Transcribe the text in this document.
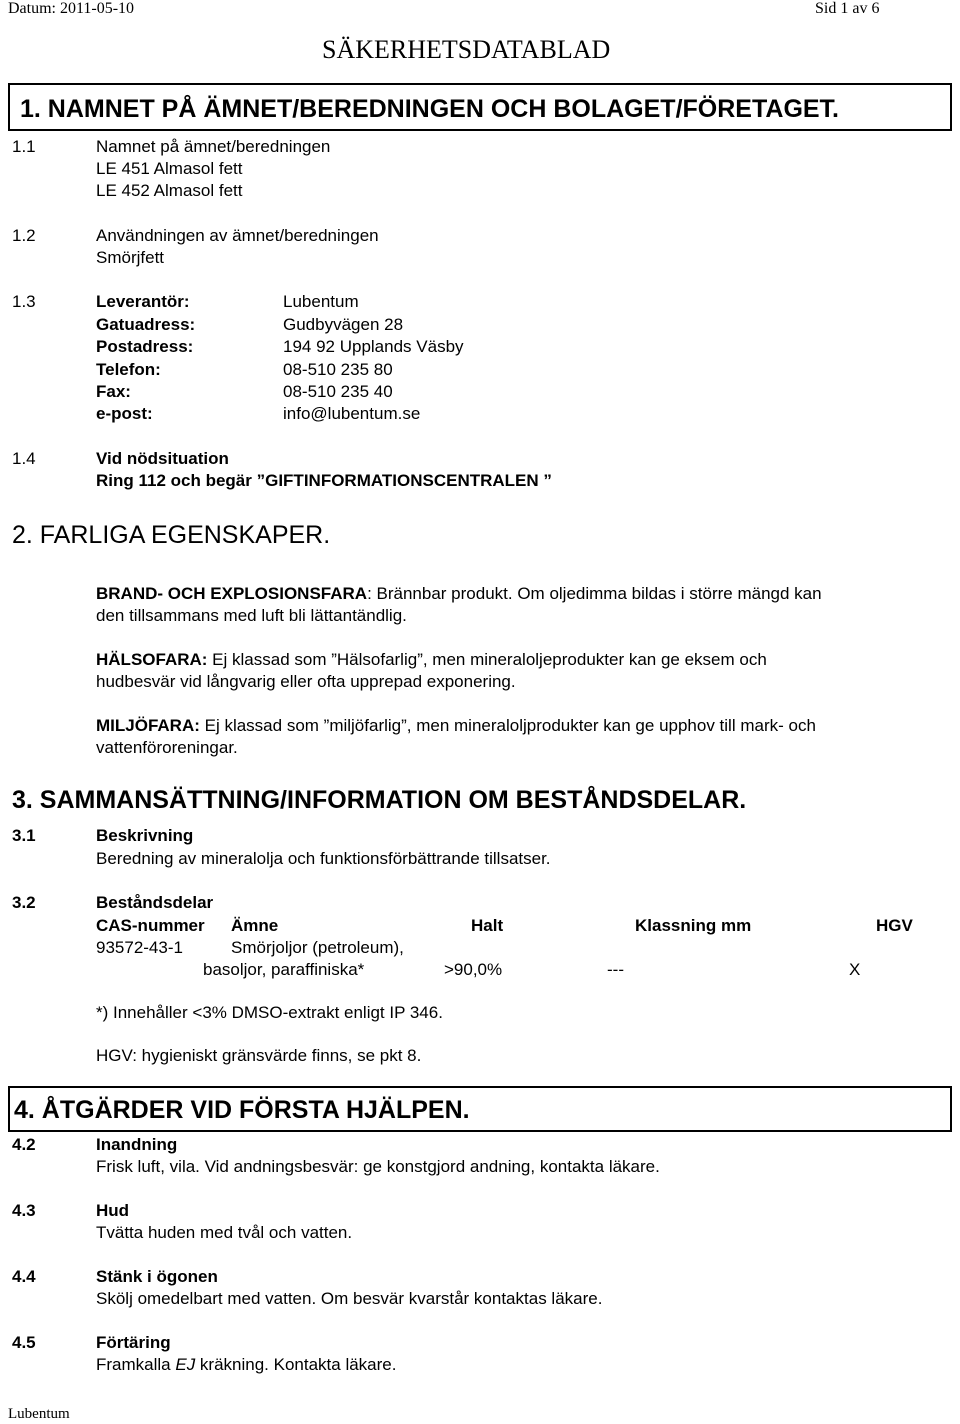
Datum: 2011-05-10	Sid 1 av 6
SÄKERHETSDATABLAD
1. NAMNET PÅ ÄMNET/BEREDNINGEN OCH BOLAGET/FÖRETAGET.
1.1	Namnet på ämnet/beredningen
LE 451 Almasol fett
LE 452 Almasol fett
1.2	Användningen av ämnet/beredningen
Smörjfett
1.3	Leverantör:	Lubentum
Gatuadress:	Gudbyvägen 28
Postadress:	194 92 Upplands Väsby
Telefon:	08-510 235 80
Fax:	08-510 235 40
e-post:	info@lubentum.se
1.4	Vid nödsituation
Ring 112 och begär ”GIFTINFORMATIONSCENTRALEN ”
2. FARLIGA EGENSKAPER.
BRAND- OCH EXPLOSIONSFARA: Brännbar produkt. Om oljedimma bildas i större mängd kan
den tillsammans med luft bli lättantändlig.
HÄLSOFARA: Ej klassad som ”Hälsofarlig”, men mineraloljeprodukter kan ge eksem och
hudbesvär vid långvarig eller ofta upprepad exponering.
MILJÖFARA: Ej klassad som ”miljöfarlig”, men mineraloljprodukter kan ge upphov till mark- och
vattenföroreningar.
3. SAMMANSÄTTNING/INFORMATION OM BESTÅNDSDELAR.
3.1	Beskrivning
Beredning av mineralolja och funktionsförbättrande tillsatser.
3.2	Beståndsdelar
CAS-nummer Ämne	Halt	Klassning mm	HGV
93572-43-1	Smörjoljor (petroleum),
basoljor, paraffiniska*	>90,0%	---	X
*) Innehåller <3% DMSO-extrakt enligt IP 346.
HGV: hygieniskt gränsvärde finns, se pkt 8.
4. ÅTGÄRDER VID FÖRSTA HJÄLPEN.
4.2	Inandning
Frisk luft, vila. Vid andningsbesvär: ge konstgjord andning, kontakta läkare.
4.3	Hud
Tvätta huden med tvål och vatten.
4.4	Stänk i ögonen
Skölj omedelbart med vatten. Om besvär kvarstår kontaktas läkare.
4.5	Förtäring
Framkalla EJ kräkning. Kontakta läkare.
Lubentum
